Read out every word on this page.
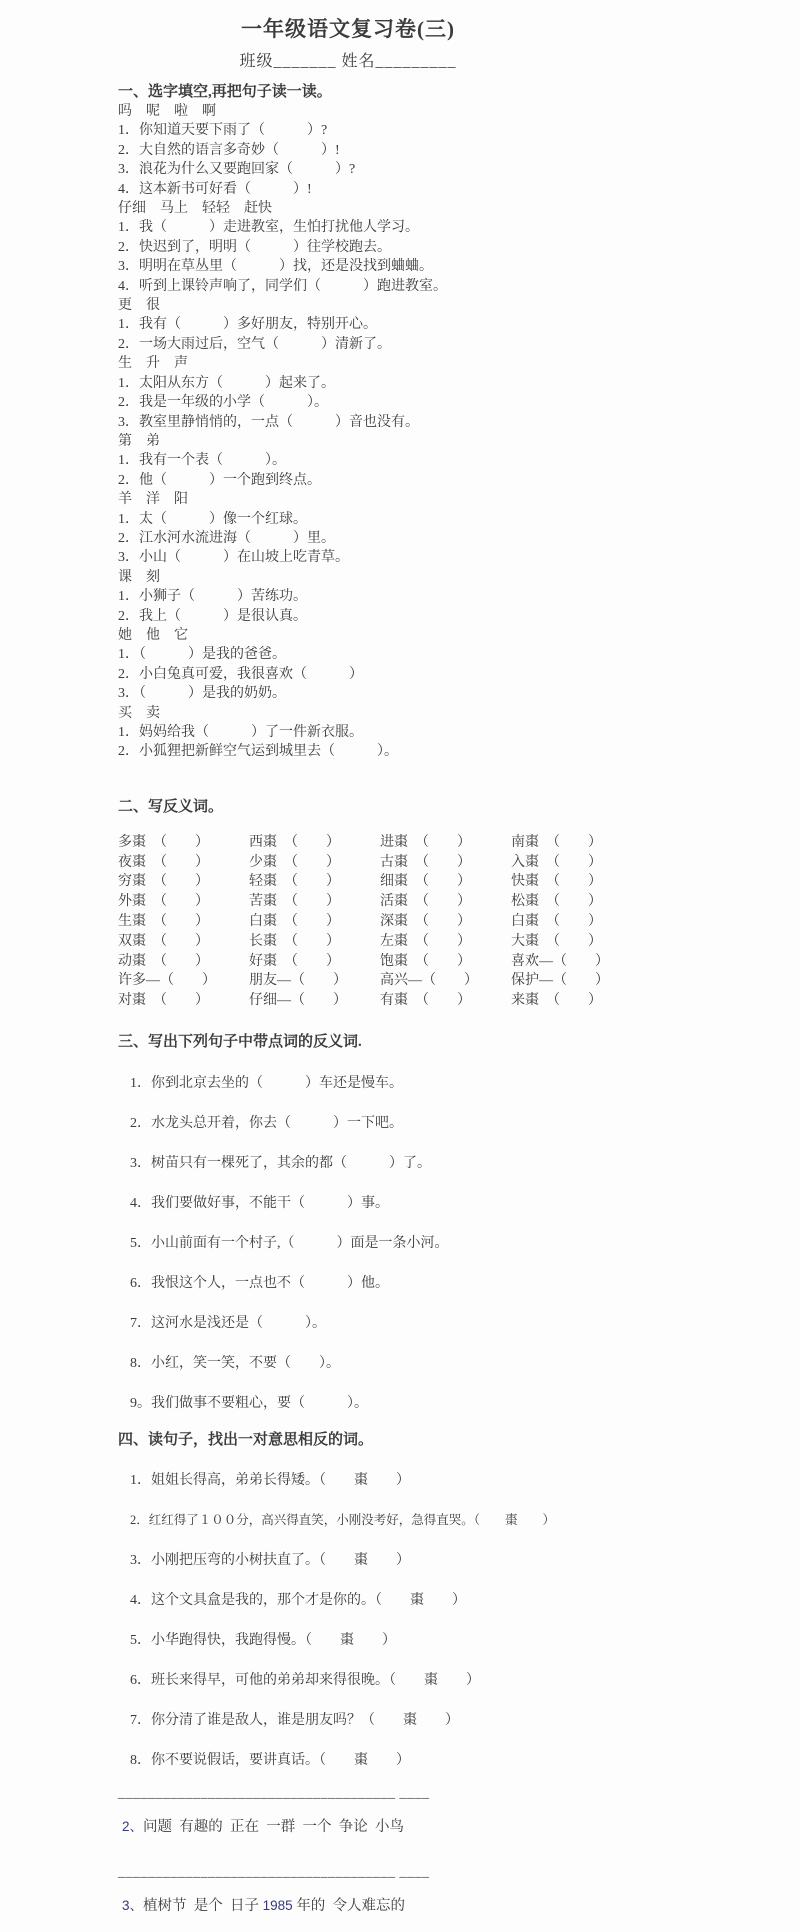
一年级语文复习卷(三)
班级_______ 姓名_________
一、选字填空,再把句子读一读。
吗　呢　啦　啊
1．你知道天要下雨了（　　　）?
2．大自然的语言多奇妙（　　　）!
3．浪花为什么又要跑回家（　　　）?
4．这本新书可好看（　　　）!
仔细　马上　轻轻　赶快
1．我（　　　）走进教室，生怕打扰他人学习。
2．快迟到了，明明（　　　）往学校跑去。
3．明明在草丛里（　　　）找，还是没找到蛐蛐。
4．听到上课铃声响了，同学们（　　　）跑进教室。
更　很
1．我有（　　　）多好朋友，特别开心。
2．一场大雨过后，空气（　　　）清新了。
生　升　声
1．太阳从东方（　　　）起来了。
2．我是一年级的小学（　　　）。
3．教室里静悄悄的，一点（　　　）音也没有。
第　弟
1．我有一个表（　　　）。
2．他（　　　）一个跑到终点。
羊　洋　阳
1．太（　　　）像一个红球。
2．江水河水流进海（　　　）里。
3．小山（　　　）在山坡上吃青草。
课　刻
1．小狮子（　　　）苦练功。
2．我上（　　　）是很认真。
她　他　它
1．（　　　）是我的爸爸。
2．小白兔真可爱，我很喜欢（　　　）
3．（　　　）是我的奶奶。
买　卖
1．妈妈给我（　　　）了一件新衣服。
2．小狐狸把新鲜空气运到城里去（　　　）。
二、写反义词。
多棗　（　　）	西棗　（　　）	进棗　（　　）	南棗　（　　）
夜棗　（　　）	少棗　（　　）	古棗　（　　）	入棗　（　　）
穷棗　（　　）	轻棗　（　　）	细棗　（　　）	快棗　（　　）
外棗　（　　）	苦棗　（　　）	活棗　（　　）	松棗　（　　）
生棗　（　　）	白棗　（　　）	深棗　（　　）	白棗　（　　）
双棗　（　　）	长棗　（　　）	左棗　（　　）	大棗　（　　）
动棗　（　　）	好棗　（　　）	饱棗　（　　）	喜欢—（　　）
许多—（　　）	朋友—（　　）	高兴—（　　）	保护—（　　）
对棗　（　　）	仔细—（　　）	有棗　（　　）	来棗　（　　）
三、写出下列句子中带点词的反义词.
1．你到北京去坐的（　　　）车还是慢车。
2．水龙头总开着，你去（　　　）一下吧。
3．树苗只有一棵死了，其余的都（　　　）了。
4．我们要做好事，不能干（　　　）事。
5．小山前面有一个村子,（　　　）面是一条小河。
6．我恨这个人，一点也不（　　　）他。
7．这河水是浅还是（　　　）。
8．小红，笑一笑，不要（　　）。
9。我们做事不要粗心，要（　　　）。
四、读句子，找出一对意思相反的词。
1．姐姐长得高，弟弟长得矮。（　　棗　　）
2．红红得了１００分，高兴得直笑，小刚没考好，急得直哭。（　　棗　　）
3．小刚把压弯的小树扶直了。（　　棗　　）
4．这个文具盒是我的，那个才是你的。（　　棗　　）
5．小华跑得快，我跑得慢。（　　棗　　）
6．班长来得早，可他的弟弟却来得很晚。（　　棗　　）
7．你分清了谁是敌人，谁是朋友吗？（　　棗　　）
8．你不要说假话，要讲真话。（　　棗　　）
_____________________________________ ____
2、问题  有趣的  正在  一群  一个  争论  小鸟
_____________________________________ ____
3、植树节  是个  日子 1985 年的  令人难忘的
